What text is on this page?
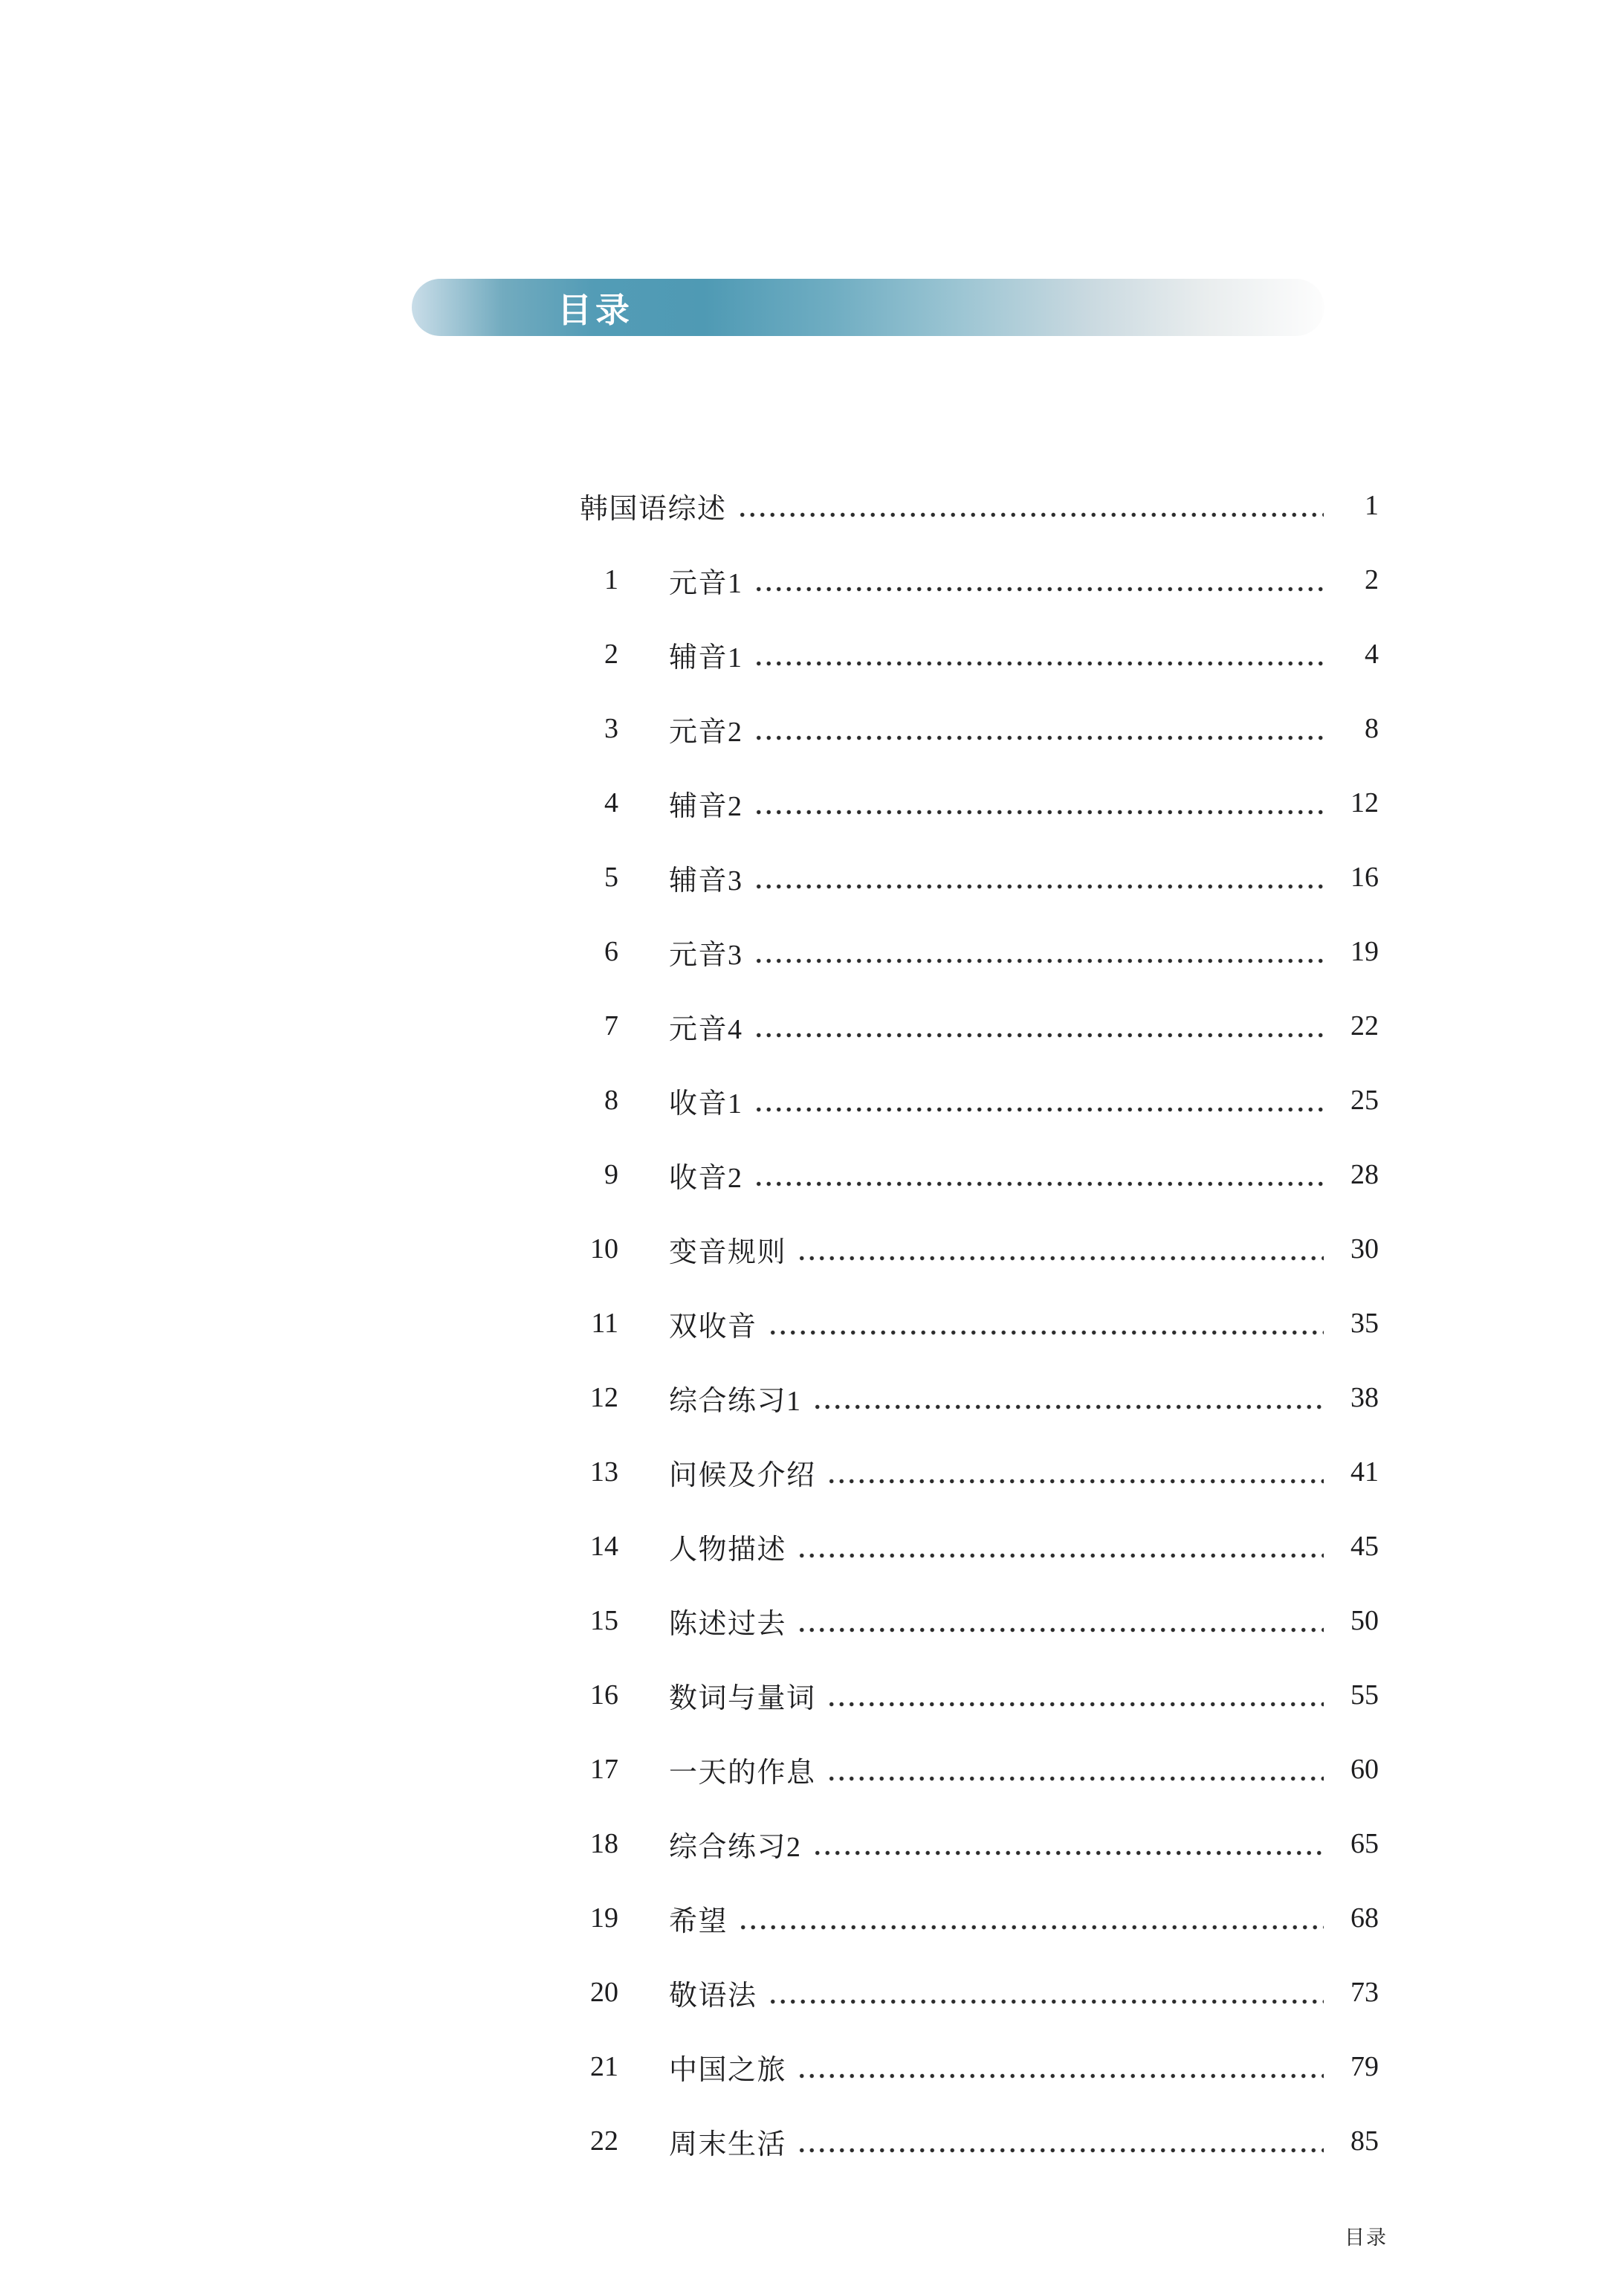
目录
韩国语综述	1
1 元音1	2
2 辅音1	4
3 元音2	8
4 辅音2	12
5 辅音3	16
6 元音3	19
7 元音4	22
8 收音1	25
9 收音2	28
10 变音规则	30
11 双收音	35
12 综合练习1	38
13 问候及介绍	41
14 人物描述	45
15 陈述过去	50
16 数词与量词	55
17 一天的作息	60
18 综合练习2	65
19 希望	68
20 敬语法	73
21 中国之旅	79
22 周末生活	85
目录
